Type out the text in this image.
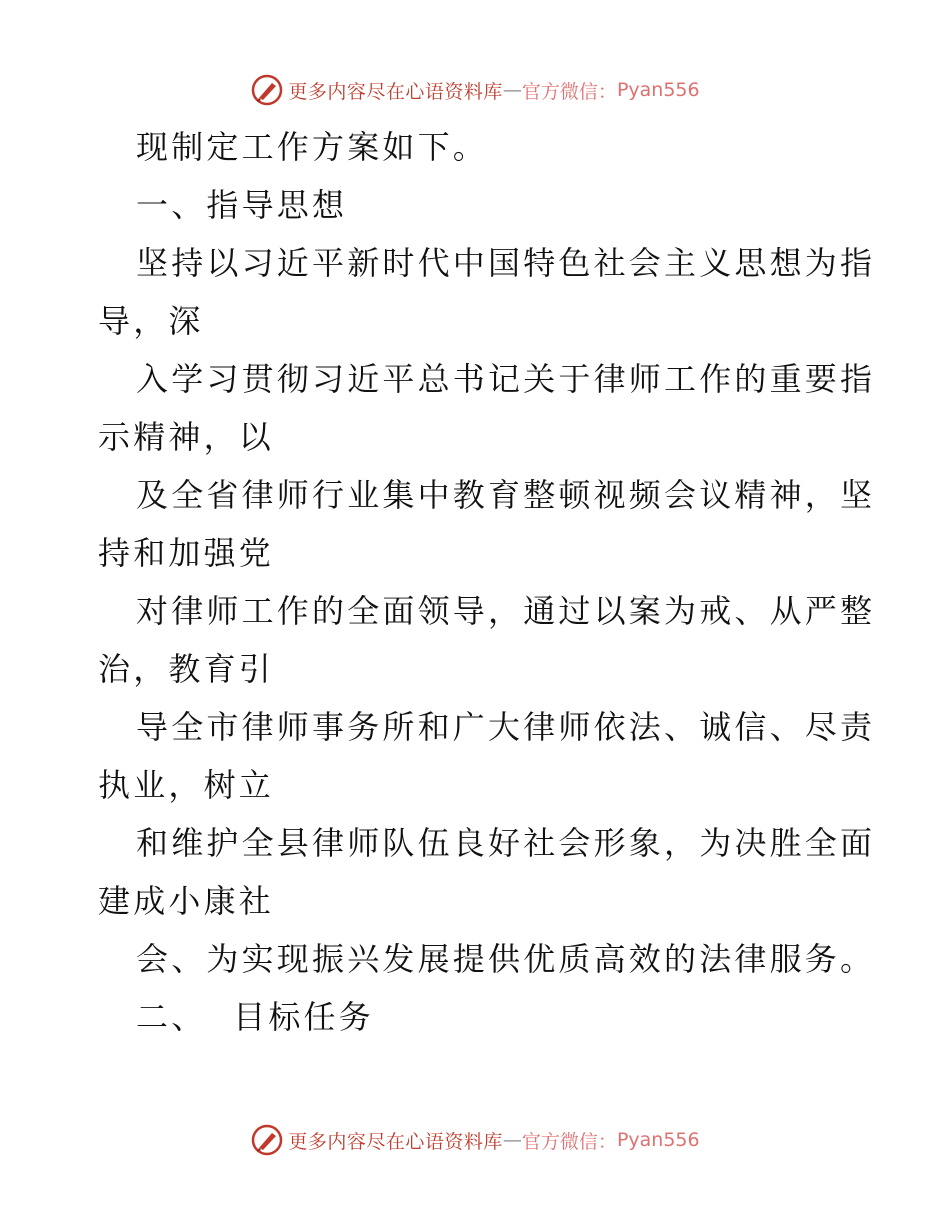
更多内容尽在心语资料库 — 官方微信： Pyan556
现制定工作方案如下。
一、指导思想
坚持以习近平新时代中国特色社会主义思想为指
导，深
入学习贯彻习近平总书记关于律师工作的重要指
示精神，以
及全省律师行业集中教育整顿视频会议精神，坚
持和加强党
对律师工作的全面领导，通过以案为戒、从严整
治，教育引
导全市律师事务所和广大律师依法、诚信、尽责
执业，树立
和维护全县律师队伍良好社会形象，为决胜全面
建成小康社
会、为实现振兴发展提供优质高效的法律服务。
二、  目标任务
更多内容尽在心语资料库 — 官方微信： Pyan556
